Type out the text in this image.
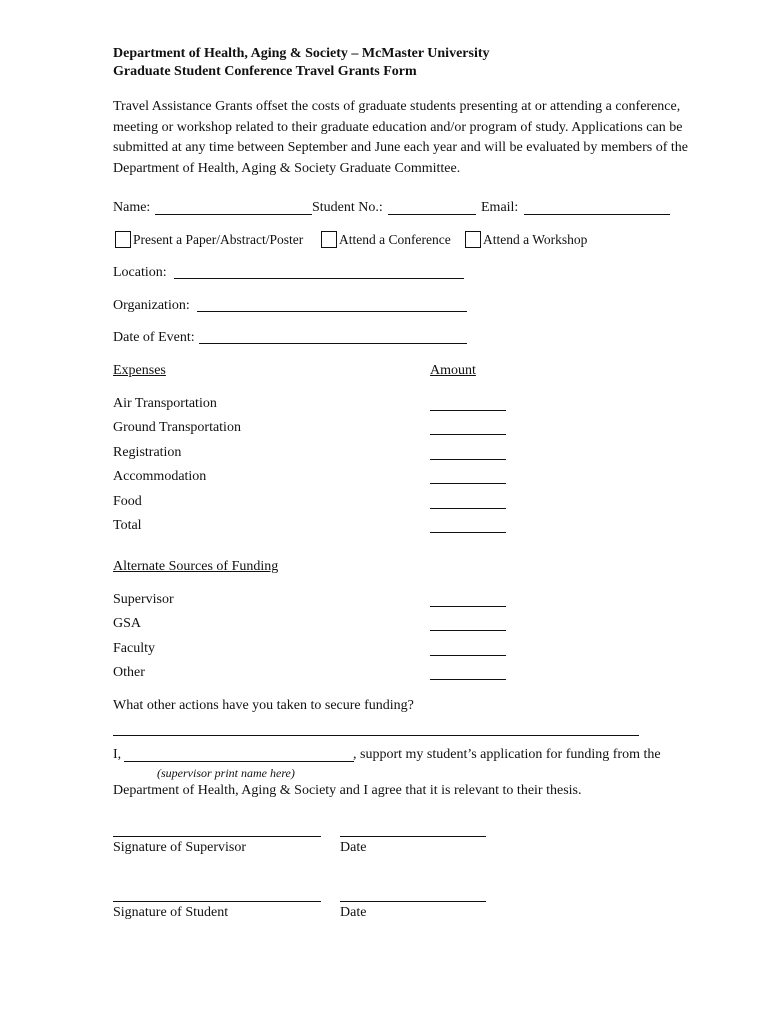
Department of Health, Aging & Society – McMaster University
Graduate Student Conference Travel Grants Form
Travel Assistance Grants offset the costs of graduate students presenting at or attending a conference,
meeting or workshop related to their graduate education and/or program of study. Applications can be
submitted at any time between September and June each year and will be evaluated by members of the
Department of Health, Aging & Society Graduate Committee.
Name:	Student No.:	Email:
Present a Paper/Abstract/Poster	Attend a Conference Attend a Workshop
Location:
Organization:
Date of Event:
Expenses	Amount
Air Transportation
Ground Transportation
Registration
Accommodation
Food
Total
Alternate Sources of Funding
Supervisor
GSA
Faculty
Other
What other actions have you taken to secure funding?
I,	, support my student’s application for funding from the
(supervisor print name here)
Department of Health, Aging & Society and I agree that it is relevant to their thesis.
Signature of Supervisor	Date
Signature of Student	Date
